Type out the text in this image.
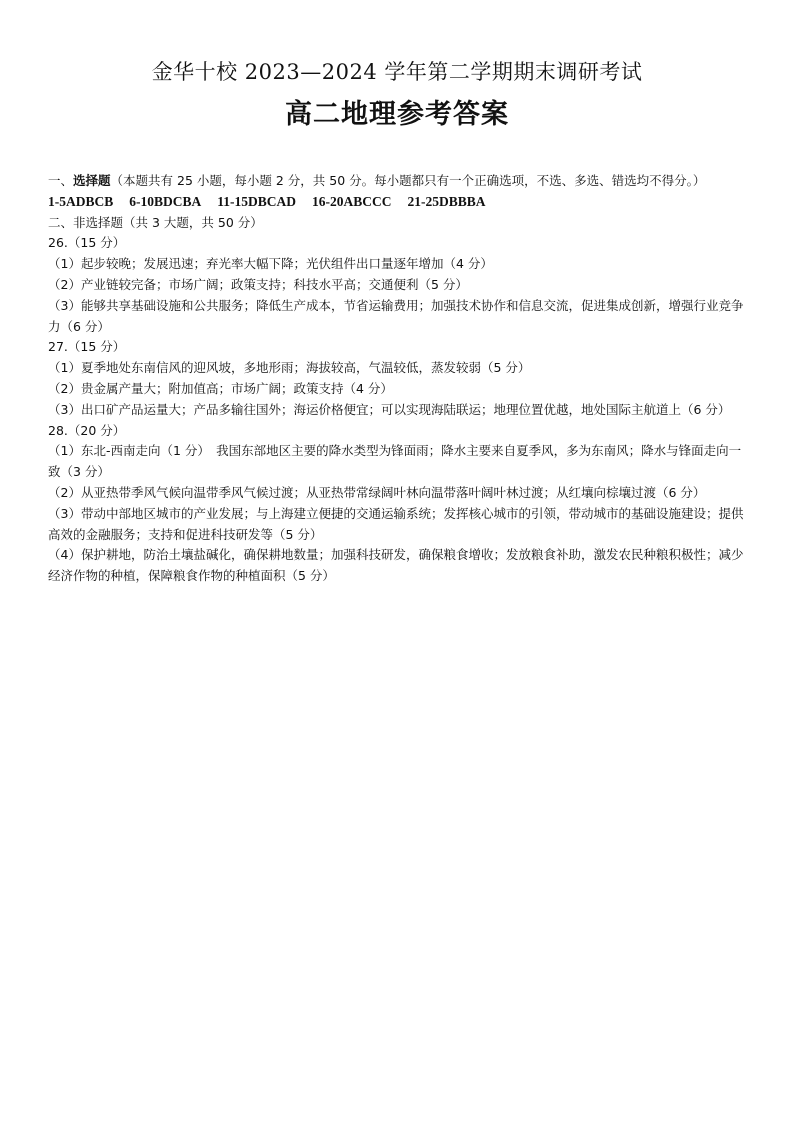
金华十校 2023—2024 学年第二学期期末调研考试
高二地理参考答案
一、选择题（本题共有 25 小题，每小题 2 分，共 50 分。每小题都只有一个正确选项，不选、多选、错选均不得分。）
1-5ADBCB 6-10BDCBA 11-15DBCAD 16-20ABCCC 21-25DBBBA
二、非选择题（共 3 大题，共 50 分）
26.（15 分）
（1）起步较晚；发展迅速；弃光率大幅下降；光伏组件出口量逐年增加（4 分）
（2）产业链较完备；市场广阔；政策支持；科技水平高；交通便利（5 分）
（3）能够共享基础设施和公共服务；降低生产成本，节省运输费用；加强技术协作和信息交流，促进集成创新，增强行业竞争力（6 分）
27.（15 分）
（1）夏季地处东南信风的迎风坡，多地形雨；海拔较高，气温较低，蒸发较弱（5 分）
（2）贵金属产量大；附加值高；市场广阔；政策支持（4 分）
（3）出口矿产品运量大；产品多输往国外；海运价格便宜；可以实现海陆联运；地理位置优越，地处国际主航道上（6 分）
28.（20 分）
（1）东北-西南走向（1 分）　我国东部地区主要的降水类型为锋面雨；降水主要来自夏季风，多为东南风；降水与锋面走向一致（3 分）
（2）从亚热带季风气候向温带季风气候过渡；从亚热带常绿阔叶林向温带落叶阔叶林过渡；从红壤向棕壤过渡（6 分）
（3）带动中部地区城市的产业发展；与上海建立便捷的交通运输系统；发挥核心城市的引领，带动城市的基础设施建设；提供高效的金融服务；支持和促进科技研发等（5 分）
（4）保护耕地，防治土壤盐碱化，确保耕地数量；加强科技研发，确保粮食增收；发放粮食补助，激发农民种粮积极性；减少经济作物的种植，保障粮食作物的种植面积（5 分）
